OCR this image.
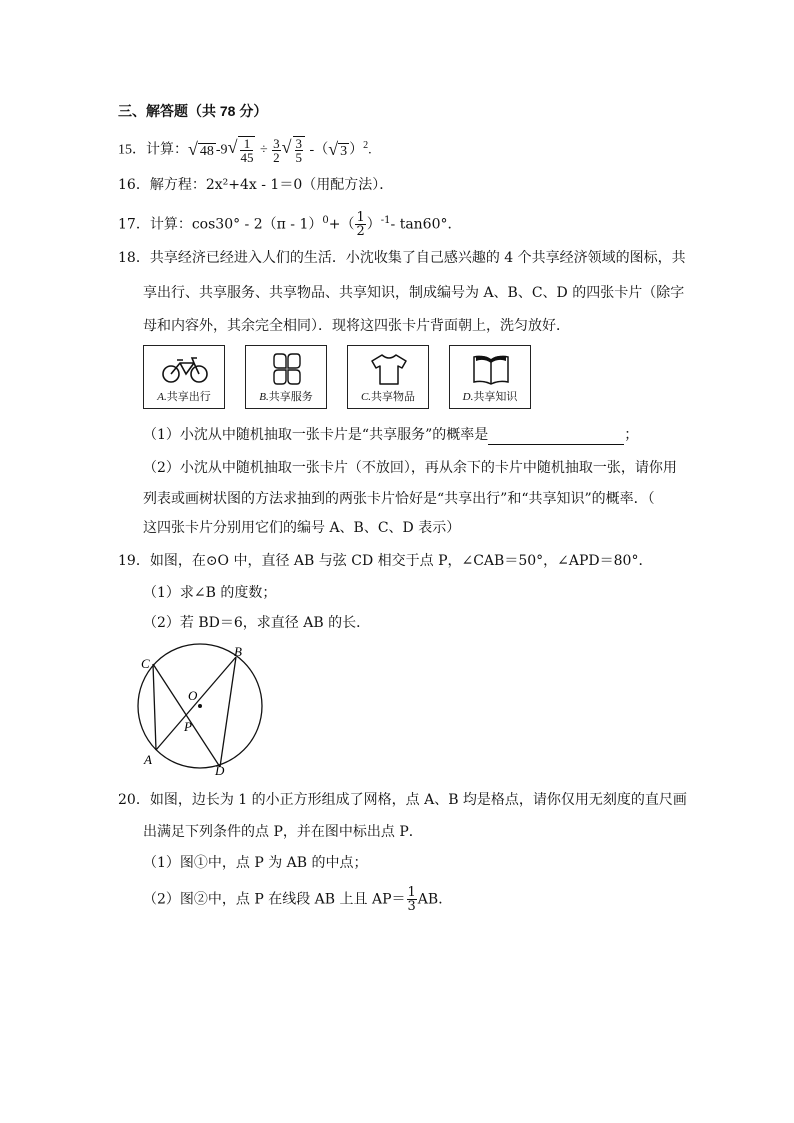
三、解答题（共 78 分）
15．计算：√ 48 $-9√ \frac{1}{45} \div \frac{3}{2}$ √ $\frac{3}{5}$ -（√ 3 ）$^2$.
16．解方程：2x²+4x - 1＝0（用配方法）．
17．计算：$\cos 30^\circ - 2(\pi - 1)^0+( \frac{1}{2} )^{-1}-$ tan60°．
18．共享经济已经进入人们的生活．小沈收集了自己感兴趣的 4 个共享经济领域的图标，共
享出行、共享服务、共享物品、共享知识，制成编号为 A、B、C、D 的四张卡片（除字
母和内容外，其余完全相同）．现将这四张卡片背面朝上，洗匀放好．
A.共享出行	B.共享服务	C.共享物品	D.共享知识
（1）小沈从中随机抽取一张卡片是“共享服务”的概率是	；
（2）小沈从中随机抽取一张卡片（不放回），再从余下的卡片中随机抽取一张，请你用
列表或画树状图的方法求抽到的两张卡片恰好是“共享出行”和“共享知识”的概率．（
这四张卡片分别用它们的编号 A、B、C、D 表示）
19．如图，在⊙O 中，直径 AB 与弦 CD 相交于点 P，∠CAB＝50°，∠APD＝80°．
（1）求∠B 的度数；
（2）若 BD＝6，求直径 AB 的长．
C
B
O
P
A
D
20．如图，边长为 1 的小正方形组成了网格，点 A、B 均是格点，请你仅用无刻度的直尺画
出满足下列条件的点 P，并在图中标出点 P．
（1）图①中，点 P 为 AB 的中点；
（2）图②中，点 P 在线段 AB 上且 $AP= \frac{1}{3}$ AB．
